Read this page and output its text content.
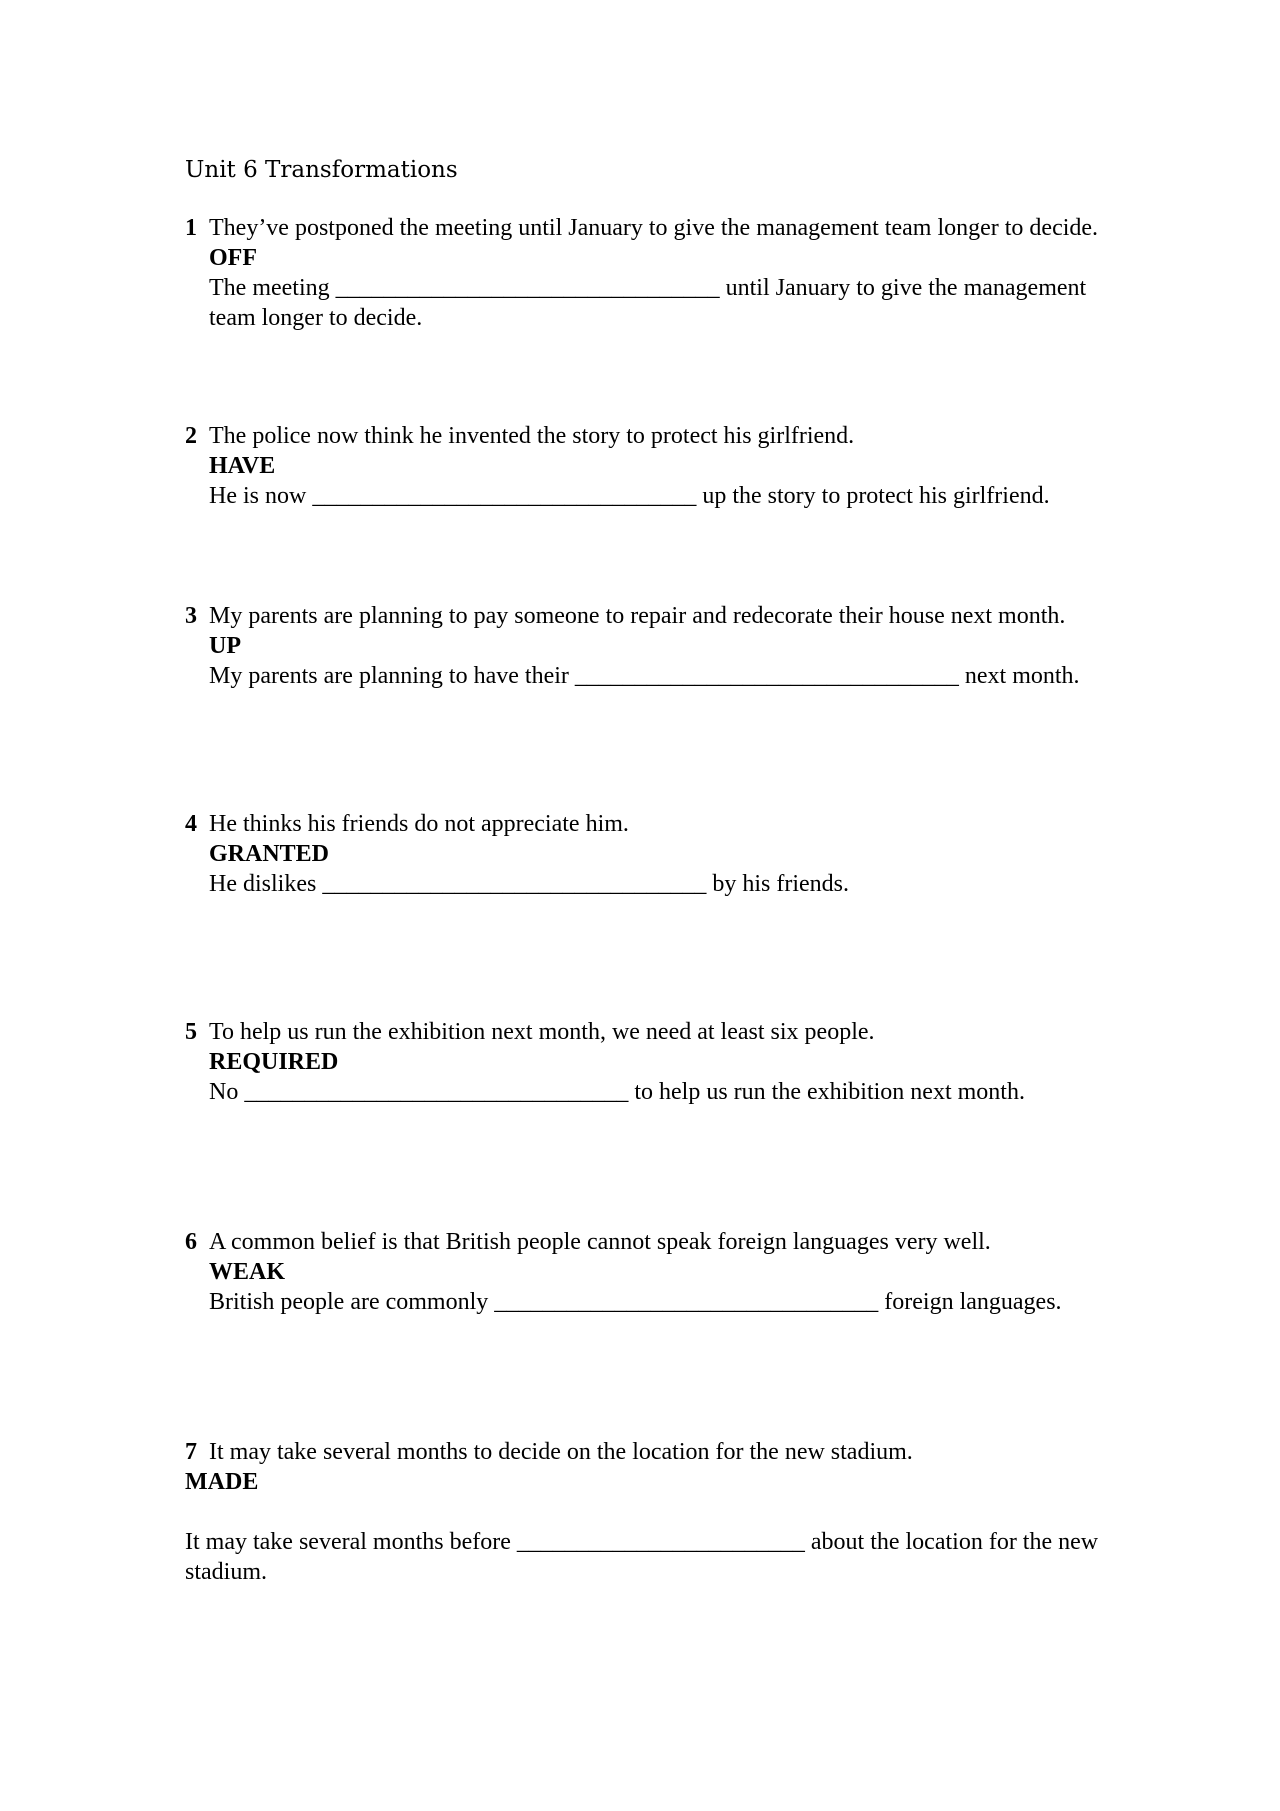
Unit 6 Transformations
1 They’ve postponed the meeting until January to give the management team longer to decide.
OFF
The meeting ________________________________ until January to give the management team longer to decide.
2 The police now think he invented the story to protect his girlfriend.
HAVE
He is now ________________________________ up the story to protect his girlfriend.
3 My parents are planning to pay someone to repair and redecorate their house next month.
UP
My parents are planning to have their ________________________________ next month.
4 He thinks his friends do not appreciate him.
GRANTED
He dislikes ________________________________ by his friends.
5 To help us run the exhibition next month, we need at least six people.
REQUIRED
No ________________________________ to help us run the exhibition next month.
6 A common belief is that British people cannot speak foreign languages very well.
WEAK
British people are commonly ________________________________ foreign languages.
7 It may take several months to decide on the location for the new stadium.
MADE
It may take several months before ________________________ about the location for the new stadium.
